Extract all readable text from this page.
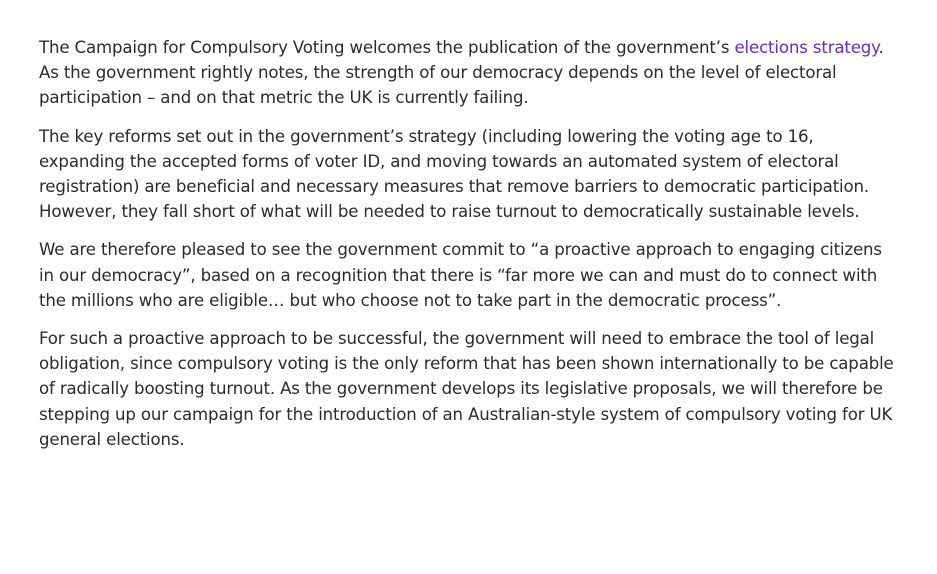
The Campaign for Compulsory Voting welcomes the publication of the government’s elections strategy. As the government rightly notes, the strength of our democracy depends on the level of electoral participation – and on that metric the UK is currently failing.

The key reforms set out in the government’s strategy (including lowering the voting age to 16, expanding the accepted forms of voter ID, and moving towards an automated system of electoral registration) are beneficial and necessary measures that remove barriers to democratic participation. However, they fall short of what will be needed to raise turnout to democratically sustainable levels.

We are therefore pleased to see the government commit to “a proactive approach to engaging citizens in our democracy”, based on a recognition that there is “far more we can and must do to connect with the millions who are eligible… but who choose not to take part in the democratic process”.

For such a proactive approach to be successful, the government will need to embrace the tool of legal obligation, since compulsory voting is the only reform that has been shown internationally to be capable of radically boosting turnout. As the government develops its legislative proposals, we will therefore be stepping up our campaign for the introduction of an Australian-style system of compulsory voting for UK general elections.
